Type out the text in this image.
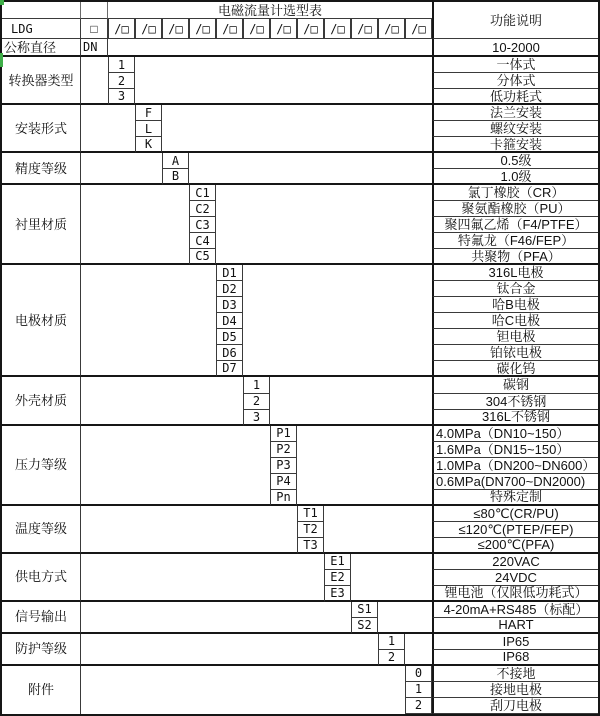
电磁流量计选型表
功能说明
LDG	□
公称直径	DN	10-2000
/□	/□	/□	/□	/□	/□	/□	/□	/□	/□	/□	/□
转换器类型
1	一体式
2	分体式
3	低功耗式
安装形式
F	法兰安装
L	螺纹安装
K	卡箍安装
精度等级
A	0.5级
B	1.0级
衬里材质
C1	氯丁橡胶（CR）
C2	聚氨酯橡胶（PU）
C3	聚四氟乙烯（F4/PTFE）
C4	特氟龙（F46/FEP）
C5	共聚物（PFA）
电极材质
D1	316L电极
D2	钛合金
D3	哈B电极
D4	哈C电极
D5	钽电极
D6	铂铱电极
D7	碳化钨
外壳材质
1	碳钢
2	304不锈钢
3	316L不锈钢
压力等级
P1	4.0MPa（DN10~150）
P2	1.6MPa（DN15~150）
P3	1.0MPa（DN200~DN600）
P4	0.6MPa(DN700~DN2000)
Pn	特殊定制
温度等级
T1	≤80℃(CR/PU)
T2	≤120℃(PTEP/FEP)
T3	≤200℃(PFA)
供电方式
E1	220VAC
E2	24VDC
E3	锂电池（仅限低功耗式）
信号输出
S1	4-20mA+RS485（标配）
S2	HART
防护等级
1	IP65
2	IP68
附件
0	不接地
1	接地电极
2	刮刀电极
